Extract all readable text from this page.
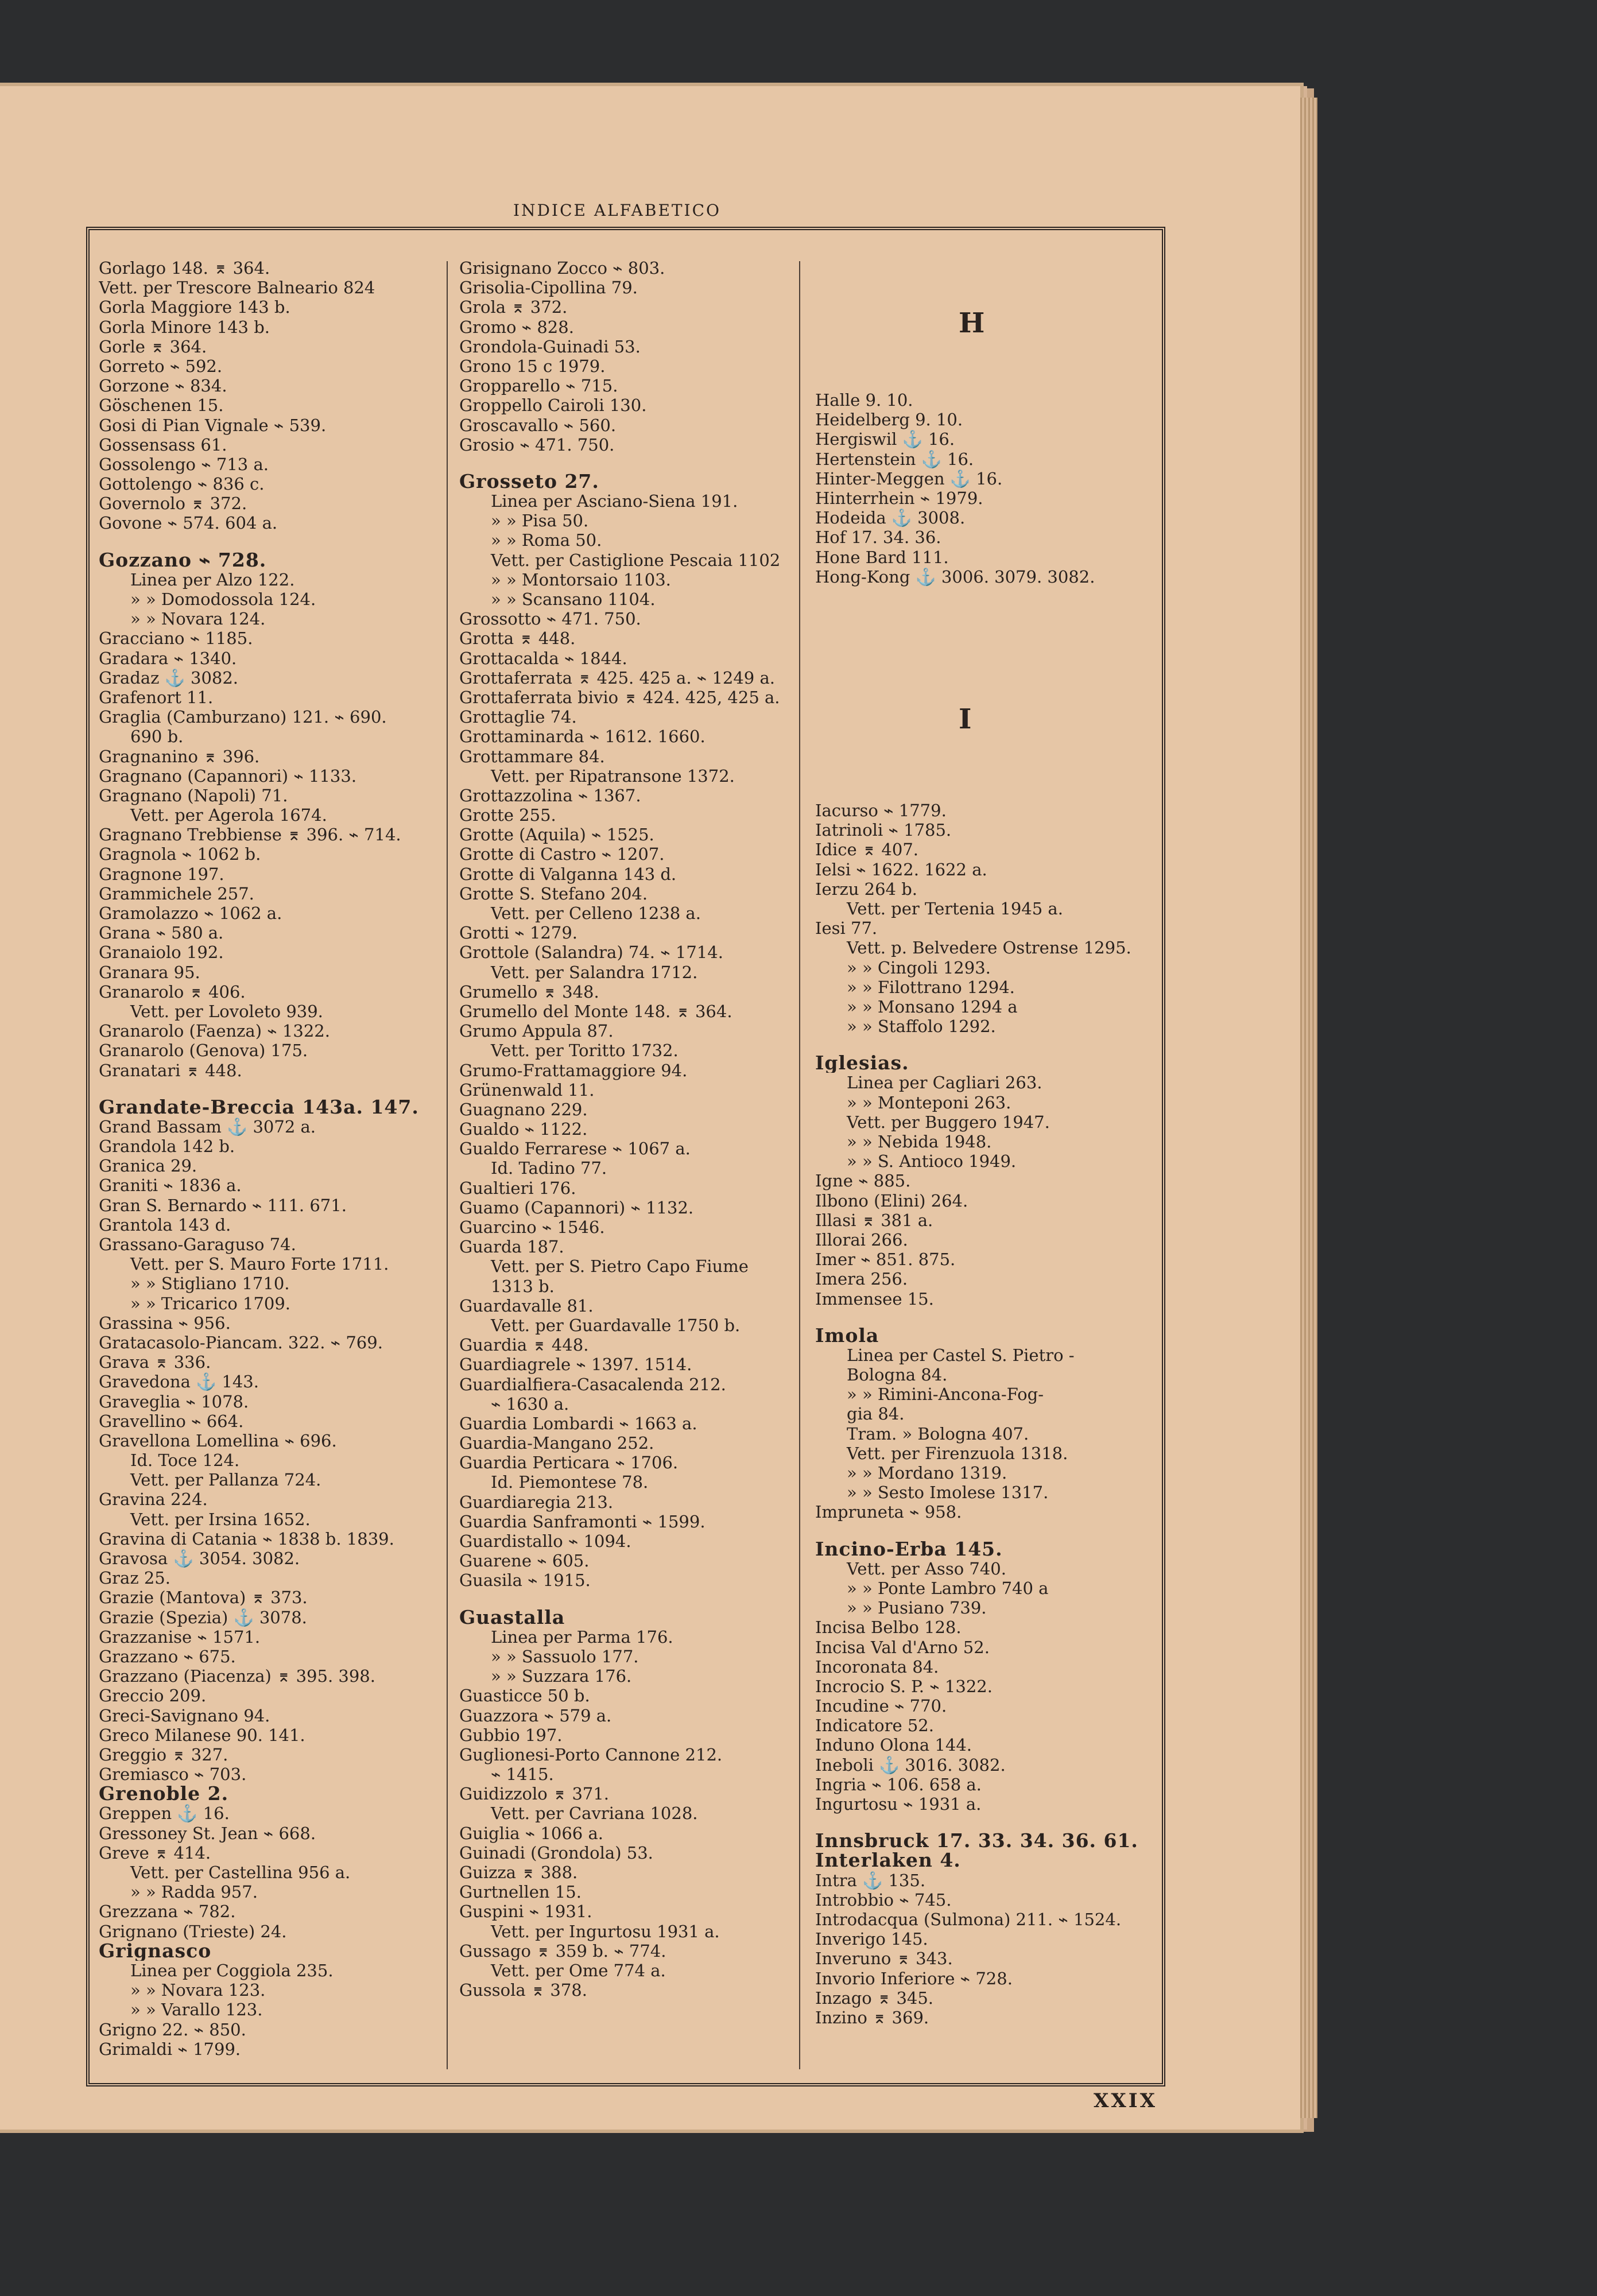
INDICE ALFABETICO
Gorlago 148. ⌆ 364.
Vett. per Trescore Balneario 824
Gorla Maggiore 143 b.
Gorla Minore 143 b.
Gorle ⌆ 364.
Gorreto ⌁ 592.
Gorzone ⌁ 834.
Göschenen 15.
Gosi di Pian Vignale ⌁ 539.
Gossensass 61.
Gossolengo ⌁ 713 a.
Gottolengo ⌁ 836 c.
Governolo ⌆ 372.
Govone ⌁ 574. 604 a.
Gozzano ⌁ 728.
Linea per Alzo 122.
» » Domodossola 124.
» » Novara 124.
Gracciano ⌁ 1185.
Gradara ⌁ 1340.
Gradaz ⚓ 3082.
Grafenort 11.
Graglia (Camburzano) 121. ⌁ 690.
690 b.
Gragnanino ⌆ 396.
Gragnano (Capannori) ⌁ 1133.
Gragnano (Napoli) 71.
Vett. per Agerola 1674.
Gragnano Trebbiense ⌆ 396. ⌁ 714.
Gragnola ⌁ 1062 b.
Gragnone 197.
Grammichele 257.
Gramolazzo ⌁ 1062 a.
Grana ⌁ 580 a.
Granaiolo 192.
Granara 95.
Granarolo ⌆ 406.
Vett. per Lovoleto 939.
Granarolo (Faenza) ⌁ 1322.
Granarolo (Genova) 175.
Granatari ⌆ 448.
Grandate-Breccia 143a. 147.
Grand Bassam ⚓ 3072 a.
Grandola 142 b.
Granica 29.
Graniti ⌁ 1836 a.
Gran S. Bernardo ⌁ 111. 671.
Grantola 143 d.
Grassano-Garaguso 74.
Vett. per S. Mauro Forte 1711.
» » Stigliano 1710.
» » Tricarico 1709.
Grassina ⌁ 956.
Gratacasolo-Piancam. 322. ⌁ 769.
Grava ⌆ 336.
Gravedona ⚓ 143.
Graveglia ⌁ 1078.
Gravellino ⌁ 664.
Gravellona Lomellina ⌁ 696.
Id. Toce 124.
Vett. per Pallanza 724.
Gravina 224.
Vett. per Irsina 1652.
Gravina di Catania ⌁ 1838 b. 1839.
Gravosa ⚓ 3054. 3082.
Graz 25.
Grazie (Mantova) ⌆ 373.
Grazie (Spezia) ⚓ 3078.
Grazzanise ⌁ 1571.
Grazzano ⌁ 675.
Grazzano (Piacenza) ⌆ 395. 398.
Greccio 209.
Greci-Savignano 94.
Greco Milanese 90. 141.
Greggio ⌆ 327.
Gremiasco ⌁ 703.
Grenoble 2.
Greppen ⚓ 16.
Gressoney St. Jean ⌁ 668.
Greve ⌆ 414.
Vett. per Castellina 956 a.
» » Radda 957.
Grezzana ⌁ 782.
Grignano (Trieste) 24.
Grignasco
Linea per Coggiola 235.
» » Novara 123.
» » Varallo 123.
Grigno 22. ⌁ 850.
Grimaldi ⌁ 1799.
Grisignano Zocco ⌁ 803.
Grisolia-Cipollina 79.
Grola ⌆ 372.
Gromo ⌁ 828.
Grondola-Guinadi 53.
Grono 15 c 1979.
Gropparello ⌁ 715.
Groppello Cairoli 130.
Groscavallo ⌁ 560.
Grosio ⌁ 471. 750.
Grosseto 27.
Linea per Asciano-Siena 191.
» » Pisa 50.
» » Roma 50.
Vett. per Castiglione Pescaia 1102
» » Montorsaio 1103.
» » Scansano 1104.
Grossotto ⌁ 471. 750.
Grotta ⌆ 448.
Grottacalda ⌁ 1844.
Grottaferrata ⌆ 425. 425 a. ⌁ 1249 a.
Grottaferrata bivio ⌆ 424. 425, 425 a.
Grottaglie 74.
Grottaminarda ⌁ 1612. 1660.
Grottammare 84.
Vett. per Ripatransone 1372.
Grottazzolina ⌁ 1367.
Grotte 255.
Grotte (Aquila) ⌁ 1525.
Grotte di Castro ⌁ 1207.
Grotte di Valganna 143 d.
Grotte S. Stefano 204.
Vett. per Celleno 1238 a.
Grotti ⌁ 1279.
Grottole (Salandra) 74. ⌁ 1714.
Vett. per Salandra 1712.
Grumello ⌆ 348.
Grumello del Monte 148. ⌆ 364.
Grumo Appula 87.
Vett. per Toritto 1732.
Grumo-Frattamaggiore 94.
Grünenwald 11.
Guagnano 229.
Gualdo ⌁ 1122.
Gualdo Ferrarese ⌁ 1067 a.
Id. Tadino 77.
Gualtieri 176.
Guamo (Capannori) ⌁ 1132.
Guarcino ⌁ 1546.
Guarda 187.
Vett. per S. Pietro Capo Fiume
1313 b.
Guardavalle 81.
Vett. per Guardavalle 1750 b.
Guardia ⌆ 448.
Guardiagrele ⌁ 1397. 1514.
Guardialfiera-Casacalenda 212.
⌁ 1630 a.
Guardia Lombardi ⌁ 1663 a.
Guardia-Mangano 252.
Guardia Perticara ⌁ 1706.
Id. Piemontese 78.
Guardiaregia 213.
Guardia Sanframonti ⌁ 1599.
Guardistallo ⌁ 1094.
Guarene ⌁ 605.
Guasila ⌁ 1915.
Guastalla
Linea per Parma 176.
» » Sassuolo 177.
» » Suzzara 176.
Guasticce 50 b.
Guazzora ⌁ 579 a.
Gubbio 197.
Guglionesi-Porto Cannone 212.
⌁ 1415.
Guidizzolo ⌆ 371.
Vett. per Cavriana 1028.
Guiglia ⌁ 1066 a.
Guinadi (Grondola) 53.
Guizza ⌆ 388.
Gurtnellen 15.
Guspini ⌁ 1931.
Vett. per Ingurtosu 1931 a.
Gussago ⌆ 359 b. ⌁ 774.
Vett. per Ome 774 a.
Gussola ⌆ 378.
H
Halle 9. 10.
Heidelberg 9. 10.
Hergiswil ⚓ 16.
Hertenstein ⚓ 16.
Hinter-Meggen ⚓ 16.
Hinterrhein ⌁ 1979.
Hodeida ⚓ 3008.
Hof 17. 34. 36.
Hone Bard 111.
Hong-Kong ⚓ 3006. 3079. 3082.
I
Iacurso ⌁ 1779.
Iatrinoli ⌁ 1785.
Idice ⌆ 407.
Ielsi ⌁ 1622. 1622 a.
Ierzu 264 b.
Vett. per Tertenia 1945 a.
Iesi 77.
Vett. p. Belvedere Ostrense 1295.
» » Cingoli 1293.
» » Filottrano 1294.
» » Monsano 1294 a
» » Staffolo 1292.
Iglesias.
Linea per Cagliari 263.
» » Monteponi 263.
Vett. per Buggero 1947.
» » Nebida 1948.
» » S. Antioco 1949.
Igne ⌁ 885.
Ilbono (Elini) 264.
Illasi ⌆ 381 a.
Illorai 266.
Imer ⌁ 851. 875.
Imera 256.
Immensee 15.
Imola
Linea per Castel S. Pietro -
Bologna 84.
» » Rimini-Ancona-Fog-
gia 84.
Tram. » Bologna 407.
Vett. per Firenzuola 1318.
» » Mordano 1319.
» » Sesto Imolese 1317.
Impruneta ⌁ 958.
Incino-Erba 145.
Vett. per Asso 740.
» » Ponte Lambro 740 a
» » Pusiano 739.
Incisa Belbo 128.
Incisa Val d'Arno 52.
Incoronata 84.
Incrocio S. P. ⌁ 1322.
Incudine ⌁ 770.
Indicatore 52.
Induno Olona 144.
Ineboli ⚓ 3016. 3082.
Ingria ⌁ 106. 658 a.
Ingurtosu ⌁ 1931 a.
Innsbruck 17. 33. 34. 36. 61.
Interlaken 4.
Intra ⚓ 135.
Introbbio ⌁ 745.
Introdacqua (Sulmona) 211. ⌁ 1524.
Inverigo 145.
Inveruno ⌆ 343.
Invorio Inferiore ⌁ 728.
Inzago ⌆ 345.
Inzino ⌆ 369.
XXIX
